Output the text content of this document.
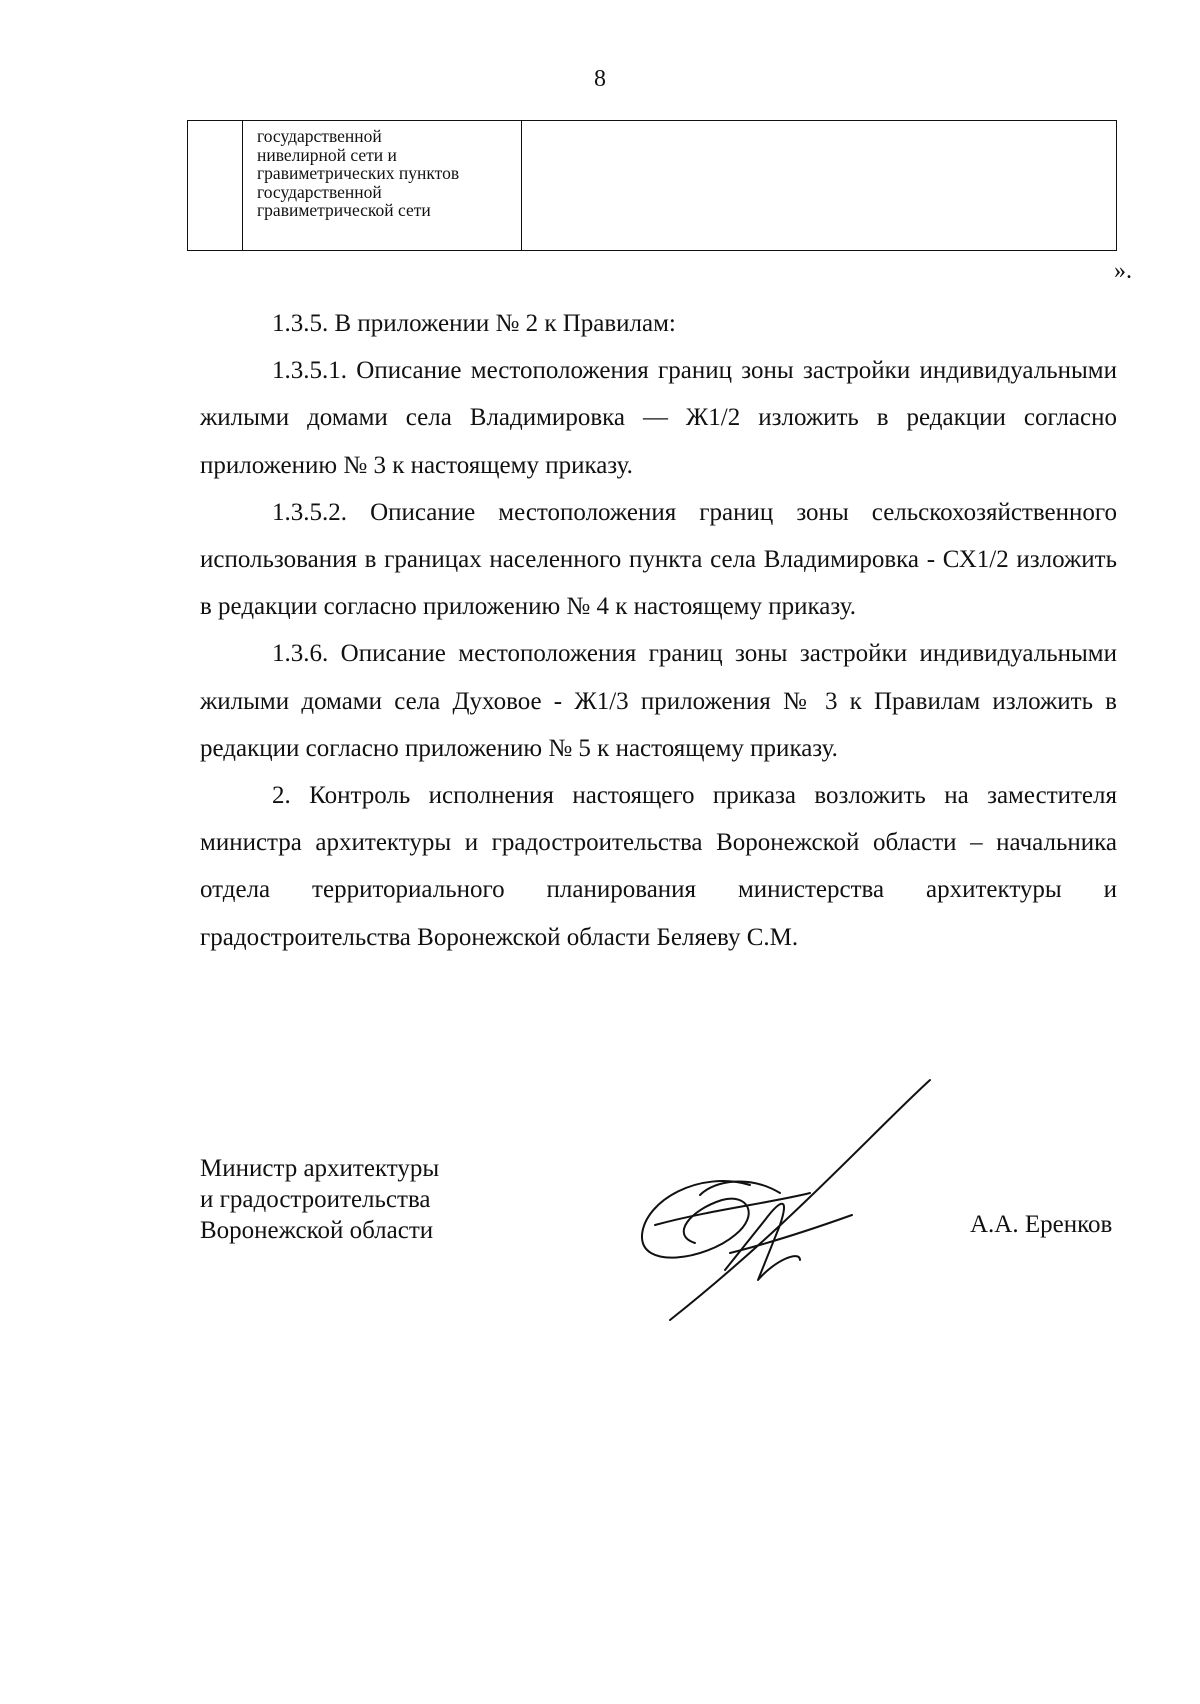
8

государственной
нивелирной сети и
гравиметрических пунктов
государственной
гравиметрической сети

».

1.3.5. В приложении № 2 к Правилам:

1.3.5.1. Описание местоположения границ зоны застройки индивидуальными жилыми домами села Владимировка — Ж1/2 изложить в редакции согласно приложению № 3 к настоящему приказу.

1.3.5.2. Описание местоположения границ зоны сельскохозяйственного использования в границах населенного пункта села Владимировка - СХ1/2 изложить в редакции согласно приложению № 4 к настоящему приказу.

1.3.6. Описание местоположения границ зоны застройки индивидуальными жилыми домами села Духовое - Ж1/3 приложения № 3 к Правилам изложить в редакции согласно приложению № 5 к настоящему приказу.

2. Контроль исполнения настоящего приказа возложить на заместителя министра архитектуры и градостроительства Воронежской области – начальника отдела территориального планирования министерства архитектуры и градостроительства Воронежской области Беляеву С.М.

Министр архитектуры
и градостроительства
Воронежской области	А.А. Еренков
